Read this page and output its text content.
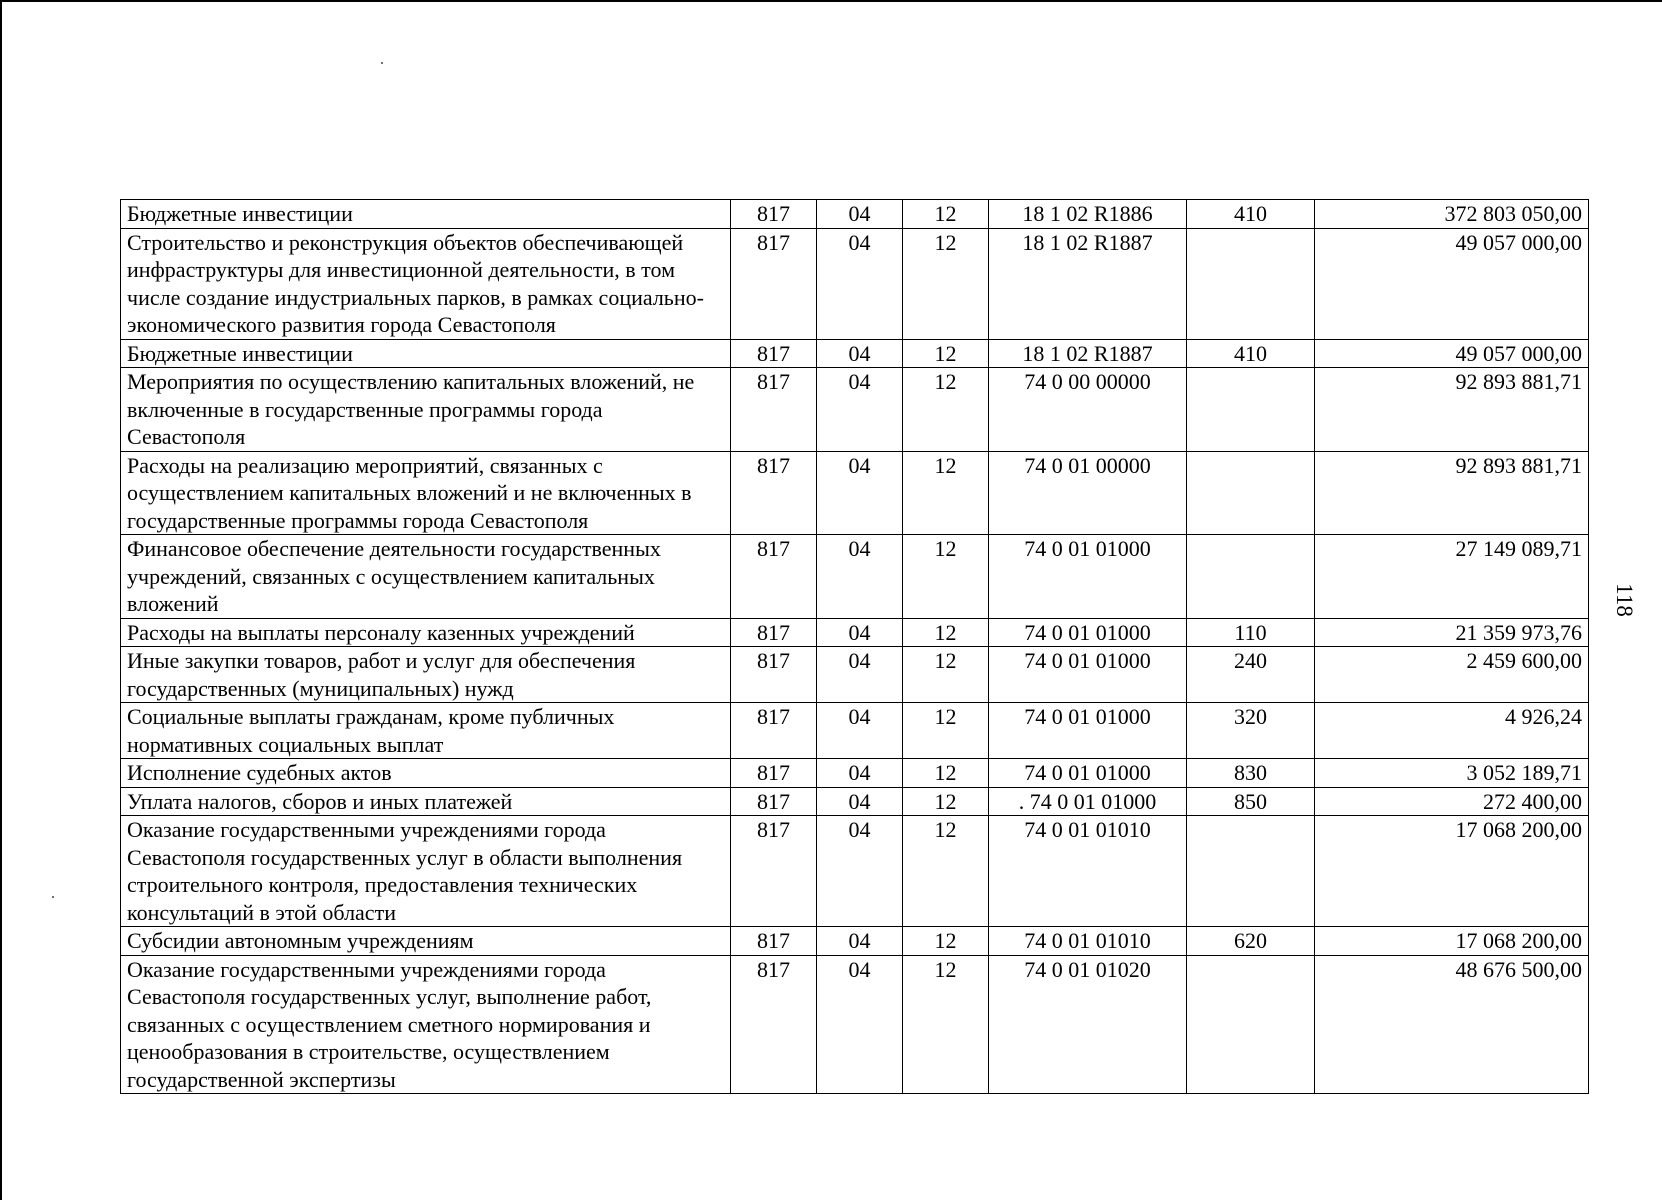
118
Бюджетные инвестиции	817	04	12	18 1 02 R1886	410	372 803 050,00
Строительство и реконструкция объектов обеспечивающей инфраструктуры для инвестиционной деятельности, в том числе создание индустриальных парков, в рамках социально-экономического развития города Севастополя	817	04	12	18 1 02 R1887		49 057 000,00
Бюджетные инвестиции	817	04	12	18 1 02 R1887	410	49 057 000,00
Мероприятия по осуществлению капитальных вложений, не включенные в государственные программы города Севастополя	817	04	12	74 0 00 00000		92 893 881,71
Расходы на реализацию мероприятий, связанных с осуществлением капитальных вложений и не включенных в государственные программы города Севастополя	817	04	12	74 0 01 00000		92 893 881,71
Финансовое обеспечение деятельности государственных учреждений, связанных с осуществлением капитальных вложений	817	04	12	74 0 01 01000		27 149 089,71
Расходы на выплаты персоналу казенных учреждений	817	04	12	74 0 01 01000	110	21 359 973,76
Иные закупки товаров, работ и услуг для обеспечения государственных (муниципальных) нужд	817	04	12	74 0 01 01000	240	2 459 600,00
Социальные выплаты гражданам, кроме публичных нормативных социальных выплат	817	04	12	74 0 01 01000	320	4 926,24
Исполнение судебных актов	817	04	12	74 0 01 01000	830	3 052 189,71
Уплата налогов, сборов и иных платежей	817	04	12	. 74 0 01 01000	850	272 400,00
Оказание государственными учреждениями города Севастополя государственных услуг в области выполнения строительного контроля, предоставления технических консультаций в этой области	817	04	12	74 0 01 01010		17 068 200,00
Субсидии автономным учреждениям	817	04	12	74 0 01 01010	620	17 068 200,00
Оказание государственными учреждениями города Севастополя государственных услуг, выполнение работ, связанных с осуществлением сметного нормирования и ценообразования в строительстве, осуществлением государственной экспертизы	817	04	12	74 0 01 01020		48 676 500,00
